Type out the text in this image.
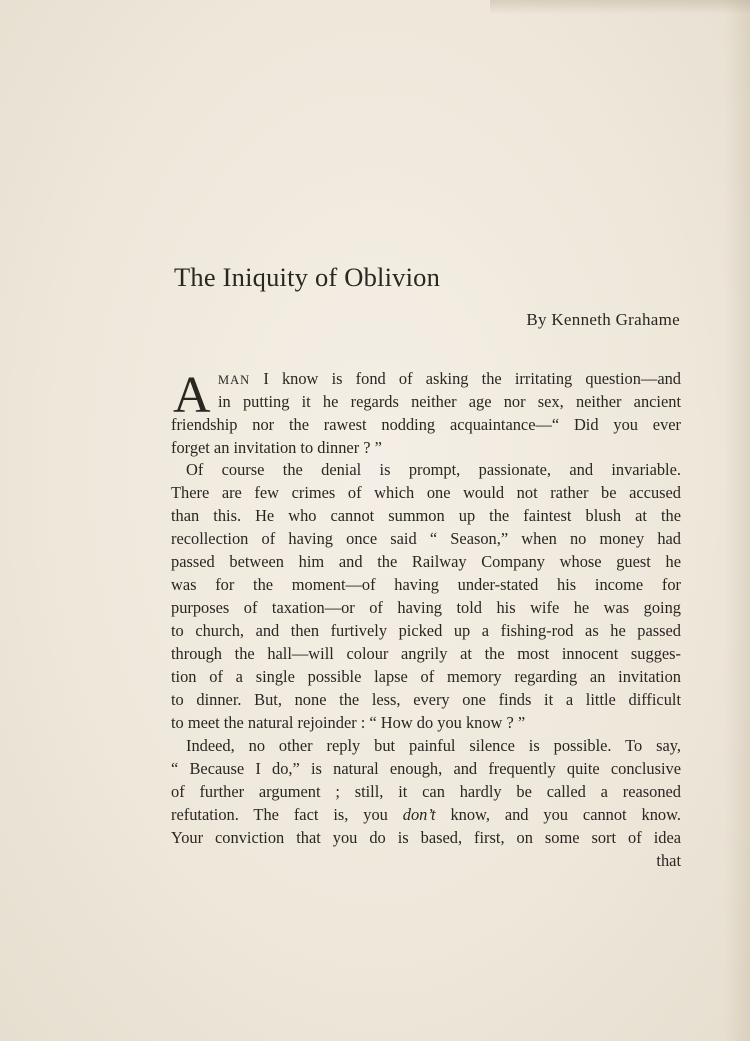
The Iniquity of Oblivion
By Kenneth Grahame
A MAN I know is fond of asking the irritating question—and
in putting it he regards neither age nor sex, neither ancient
friendship nor the rawest nodding acquaintance—“ Did you ever
forget an invitation to dinner ? ”
Of course the denial is prompt, passionate, and invariable.
There are few crimes of which one would not rather be accused
than this. He who cannot summon up the faintest blush at the
recollection of having once said “ Season,” when no money had
passed between him and the Railway Company whose guest he
was for the moment—of having under-stated his income for
purposes of taxation—or of having told his wife he was going
to church, and then furtively picked up a fishing-rod as he passed
through the hall—will colour angrily at the most innocent sugges-
tion of a single possible lapse of memory regarding an invitation
to dinner. But, none the less, every one finds it a little difficult
to meet the natural rejoinder : “ How do you know ? ”
Indeed, no other reply but painful silence is possible. To say,
“ Because I do,” is natural enough, and frequently quite conclusive
of further argument ; still, it can hardly be called a reasoned
refutation. The fact is, you don’t know, and you cannot know.
Your conviction that you do is based, first, on some sort of idea
that
